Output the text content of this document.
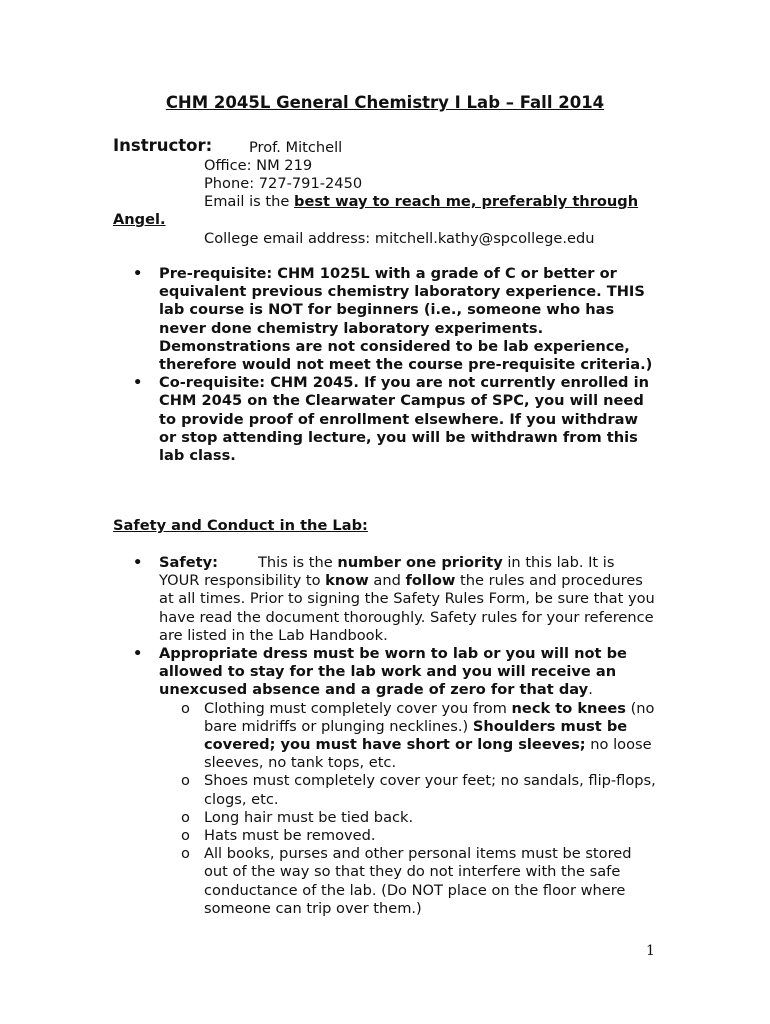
CHM 2045L General Chemistry I Lab – Fall 2014
Instructor:	Prof. Mitchell
Office: NM 219
Phone: 727-791-2450
Email is the best way to reach me, preferably through
Angel.
College email address: mitchell.kathy@spcollege.edu
• Pre-requisite: CHM 1025L with a grade of C or better or equivalent previous chemistry laboratory experience. THIS lab course is NOT for beginners (i.e., someone who has never done chemistry laboratory experiments. Demonstrations are not considered to be lab experience, therefore would not meet the course pre-requisite criteria.)
• Co-requisite: CHM 2045. If you are not currently enrolled in CHM 2045 on the Clearwater Campus of SPC, you will need to provide proof of enrollment elsewhere. If you withdraw or stop attending lecture, you will be withdrawn from this lab class.
Safety and Conduct in the Lab:
• Safety:	This is the number one priority in this lab. It is YOUR responsibility to know and follow the rules and procedures at all times. Prior to signing the Safety Rules Form, be sure that you have read the document thoroughly. Safety rules for your reference are listed in the Lab Handbook.
• Appropriate dress must be worn to lab or you will not be allowed to stay for the lab work and you will receive an unexcused absence and a grade of zero for that day.
o Clothing must completely cover you from neck to knees (no bare midriffs or plunging necklines.) Shoulders must be covered; you must have short or long sleeves; no loose sleeves, no tank tops, etc.
o Shoes must completely cover your feet; no sandals, flip-flops, clogs, etc.
o Long hair must be tied back.
o Hats must be removed.
o All books, purses and other personal items must be stored out of the way so that they do not interfere with the safe conductance of the lab. (Do NOT place on the floor where someone can trip over them.)
1
